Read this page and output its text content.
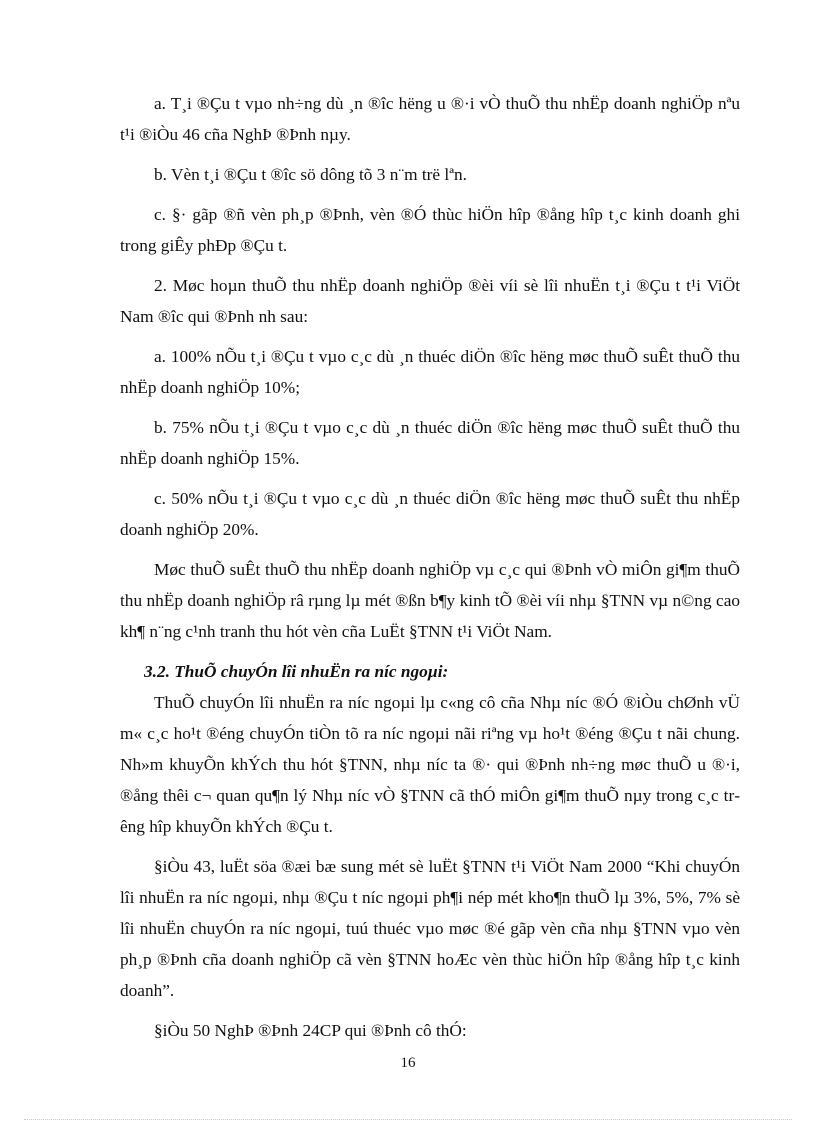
a. T¸i ®Çu t vµo nh÷ng dù ¸n ®îc hëng u ®·i vÒ thuÕ thu nhËp doanh nghiÖp nªu t¹i ®iÒu 46 cña NghÞ ®Þnh nµy.

b. Vèn t¸i ®Çu t ®îc sö dông tõ 3 n¨m trë lªn.

c. §· gãp ®ñ vèn ph¸p ®Þnh, vèn ®Ó thùc hiÖn hîp ®ång hîp t¸c kinh doanh ghi trong giÊy phÐp ®Çu t.

2. Møc hoµn thuÕ thu nhËp doanh nghiÖp ®èi víi sè lîi nhuËn t¸i ®Çu t t¹i ViÖt Nam ®îc qui ®Þnh nh sau:

a. 100% nÕu t¸i ®Çu t vµo c¸c dù ¸n thuéc diÖn ®îc hëng møc thuÕ suÊt thuÕ thu nhËp doanh nghiÖp 10%;

b. 75% nÕu t¸i ®Çu t vµo c¸c dù ¸n thuéc diÖn ®îc hëng møc thuÕ suÊt thuÕ thu nhËp doanh nghiÖp 15%.

c. 50% nÕu t¸i ®Çu t vµo c¸c dù ¸n thuéc diÖn ®îc hëng møc thuÕ suÊt thu nhËp doanh nghiÖp 20%.

Møc thuÕ suÊt thuÕ thu nhËp doanh nghiÖp vµ c¸c qui ®Þnh vÒ miÔn gi¶m thuÕ thu nhËp doanh nghiÖp râ rµng lµ mét ®ßn b¶y kinh tÕ ®èi víi nhµ §TNN vµ n©ng cao kh¶ n¨ng c¹nh tranh thu hót vèn cña LuËt §TNN t¹i ViÖt Nam.

3.2. ThuÕ chuyÓn lîi nhuËn ra níc ngoµi:

ThuÕ chuyÓn lîi nhuËn ra níc ngoµi lµ c«ng cô cña Nhµ níc ®Ó ®iÒu chØnh vÜ m« c¸c ho¹t ®éng chuyÓn tiÒn tõ ra níc ngoµi nãi riªng vµ ho¹t ®éng ®Çu t nãi chung. Nh»m khuyÕn khÝch thu hót §TNN, nhµ níc ta ®· qui ®Þnh nh÷ng møc thuÕ u ®·i, ®ång thêi c¬ quan qu¶n lý Nhµ níc vÒ §TNN cã thÓ miÔn gi¶m thuÕ nµy trong c¸c trêng hîp khuyÕn khÝch ®Çu t.

§iÒu 43, luËt söa ®æi bæ sung mét sè luËt §TNN t¹i ViÖt Nam 2000 “Khi chuyÓn lîi nhuËn ra níc ngoµi, nhµ ®Çu t níc ngoµi ph¶i nép mét kho¶n thuÕ lµ 3%, 5%, 7% sè lîi nhuËn chuyÓn ra níc ngoµi, tuú thuéc vµo møc ®é gãp vèn cña nhµ §TNN vµo vèn ph¸p ®Þnh cña doanh nghiÖp cã vèn §TNN hoÆc vèn thùc hiÖn hîp ®ång hîp t¸c kinh doanh”.

§iÒu 50 NghÞ ®Þnh 24CP qui ®Þnh cô thÓ:

16
